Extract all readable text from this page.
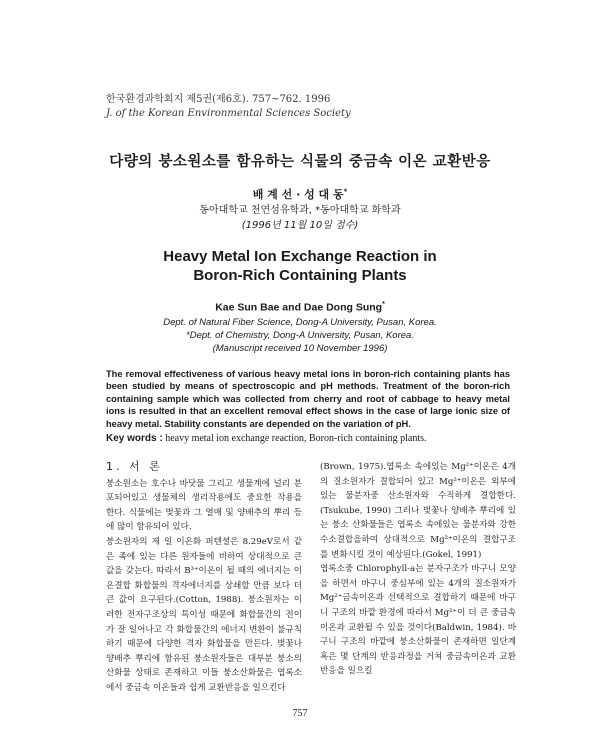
한국환경과학회지 제5권(제6호). 757~762. 1996
J. of the Korean Environmental Sciences Society
다량의 붕소원소를 함유하는 식물의 중금속 이온 교환반응
배 계 선 · 성 대 동*
동아대학교 천연섬유학과, *동아대학교 화학과
(1996년 11월 10일 접수)
Heavy Metal Ion Exchange Reaction in
Boron-Rich Containing Plants
Kae Sun Bae and Dae Dong Sung*
Dept. of Natural Fiber Science, Dong-A University, Pusan, Korea.
*Dept. of Chemistry, Dong-A University, Pusan, Korea.
(Manuscript received 10 November 1996)
The removal effectiveness of various heavy metal ions in boron-rich containing plants has been studied by means of spectroscopic and pH methods. Treatment of the boron-rich containing sample which was collected from cherry and root of cabbage to heavy metal ions is resulted in that an excellent removal effect shows in the case of large ionic size of heavy metal. Stability constants are depended on the variation of pH.
Key words : heavy metal ion exchange reaction, Boron-rich containing plants.
1. 서 론

붕소원소는 호수나 바닷물 그리고 생물계에 널리 분포되어있고 생물체의 생리작용에도 중요한 작용을 한다. 식물에는 벚꽃과 그 열매 및 양배추의 뿌리 등에 많이 함유되어 있다.

붕소원자의 제 일 이온화 퍼텐셜은 8.29eV로서 같은 족에 있는 다른 원자들에 비하여 상대적으로 큰 값을 갖는다. 따라서 B³⁺이온이 될 때의 에너지는 이온결합 화합물의 격자에너지를 상쇄할 만큼 보다 더 큰 값이 요구된다.(Cotton, 1988). 붕소원자는 이러한 전자구조상의 특이성 때문에 화합물간의 전이가 잘 일어나고 각 화합물간의 에너지 변환이 불규칙하기 때문에 다양한 격자 화합물을 만든다. 벚꽃나 양배추 뿌리에 함유된 붕소원자들은 대부분 붕소의 산화물 상태로 존재하고 이들 붕소산화물은 엽록소에서 중금속 이온들과 쉽게 교환반응을 일으킨다

(Brown, 1975).엽록소 속에있는 Mg²⁺이온은 4개의 질소원자가 결합되어 있고 Mg²⁺이온은 외부에 있는 물분자중 산소원자와 수직하게 결합한다.(Tsukube, 1990) 그러나 벚꽃나 양배추 뿌리에 있는 붕소 산화물들은 엽록소 속에있는 물분자와 강한 수소결합을하여 상대적으로 Mg²⁺이온의 결합구조를 변화시킬 것이 예상된다.(Gokel, 1991)

엽록소중 Chlorophyll-a는 분자구조가 바구니 모양을 하면서 바구니 중심부에 있는 4개의 질소원자가 Mg²⁺금속이온과 선택적으로 결합하기 때문에 바구니 구조의 바깥 환경에 따라서 Mg²⁺이 더 큰 중금속이온과 교환될 수 있을 것이다(Baldwin, 1984). 바구니 구조의 바깥에 붕소산화물이 존재하면 일단계 혹은 몇 단계의 반응과정을 거쳐 중금속이온과 교환반응을 일으킬

757
